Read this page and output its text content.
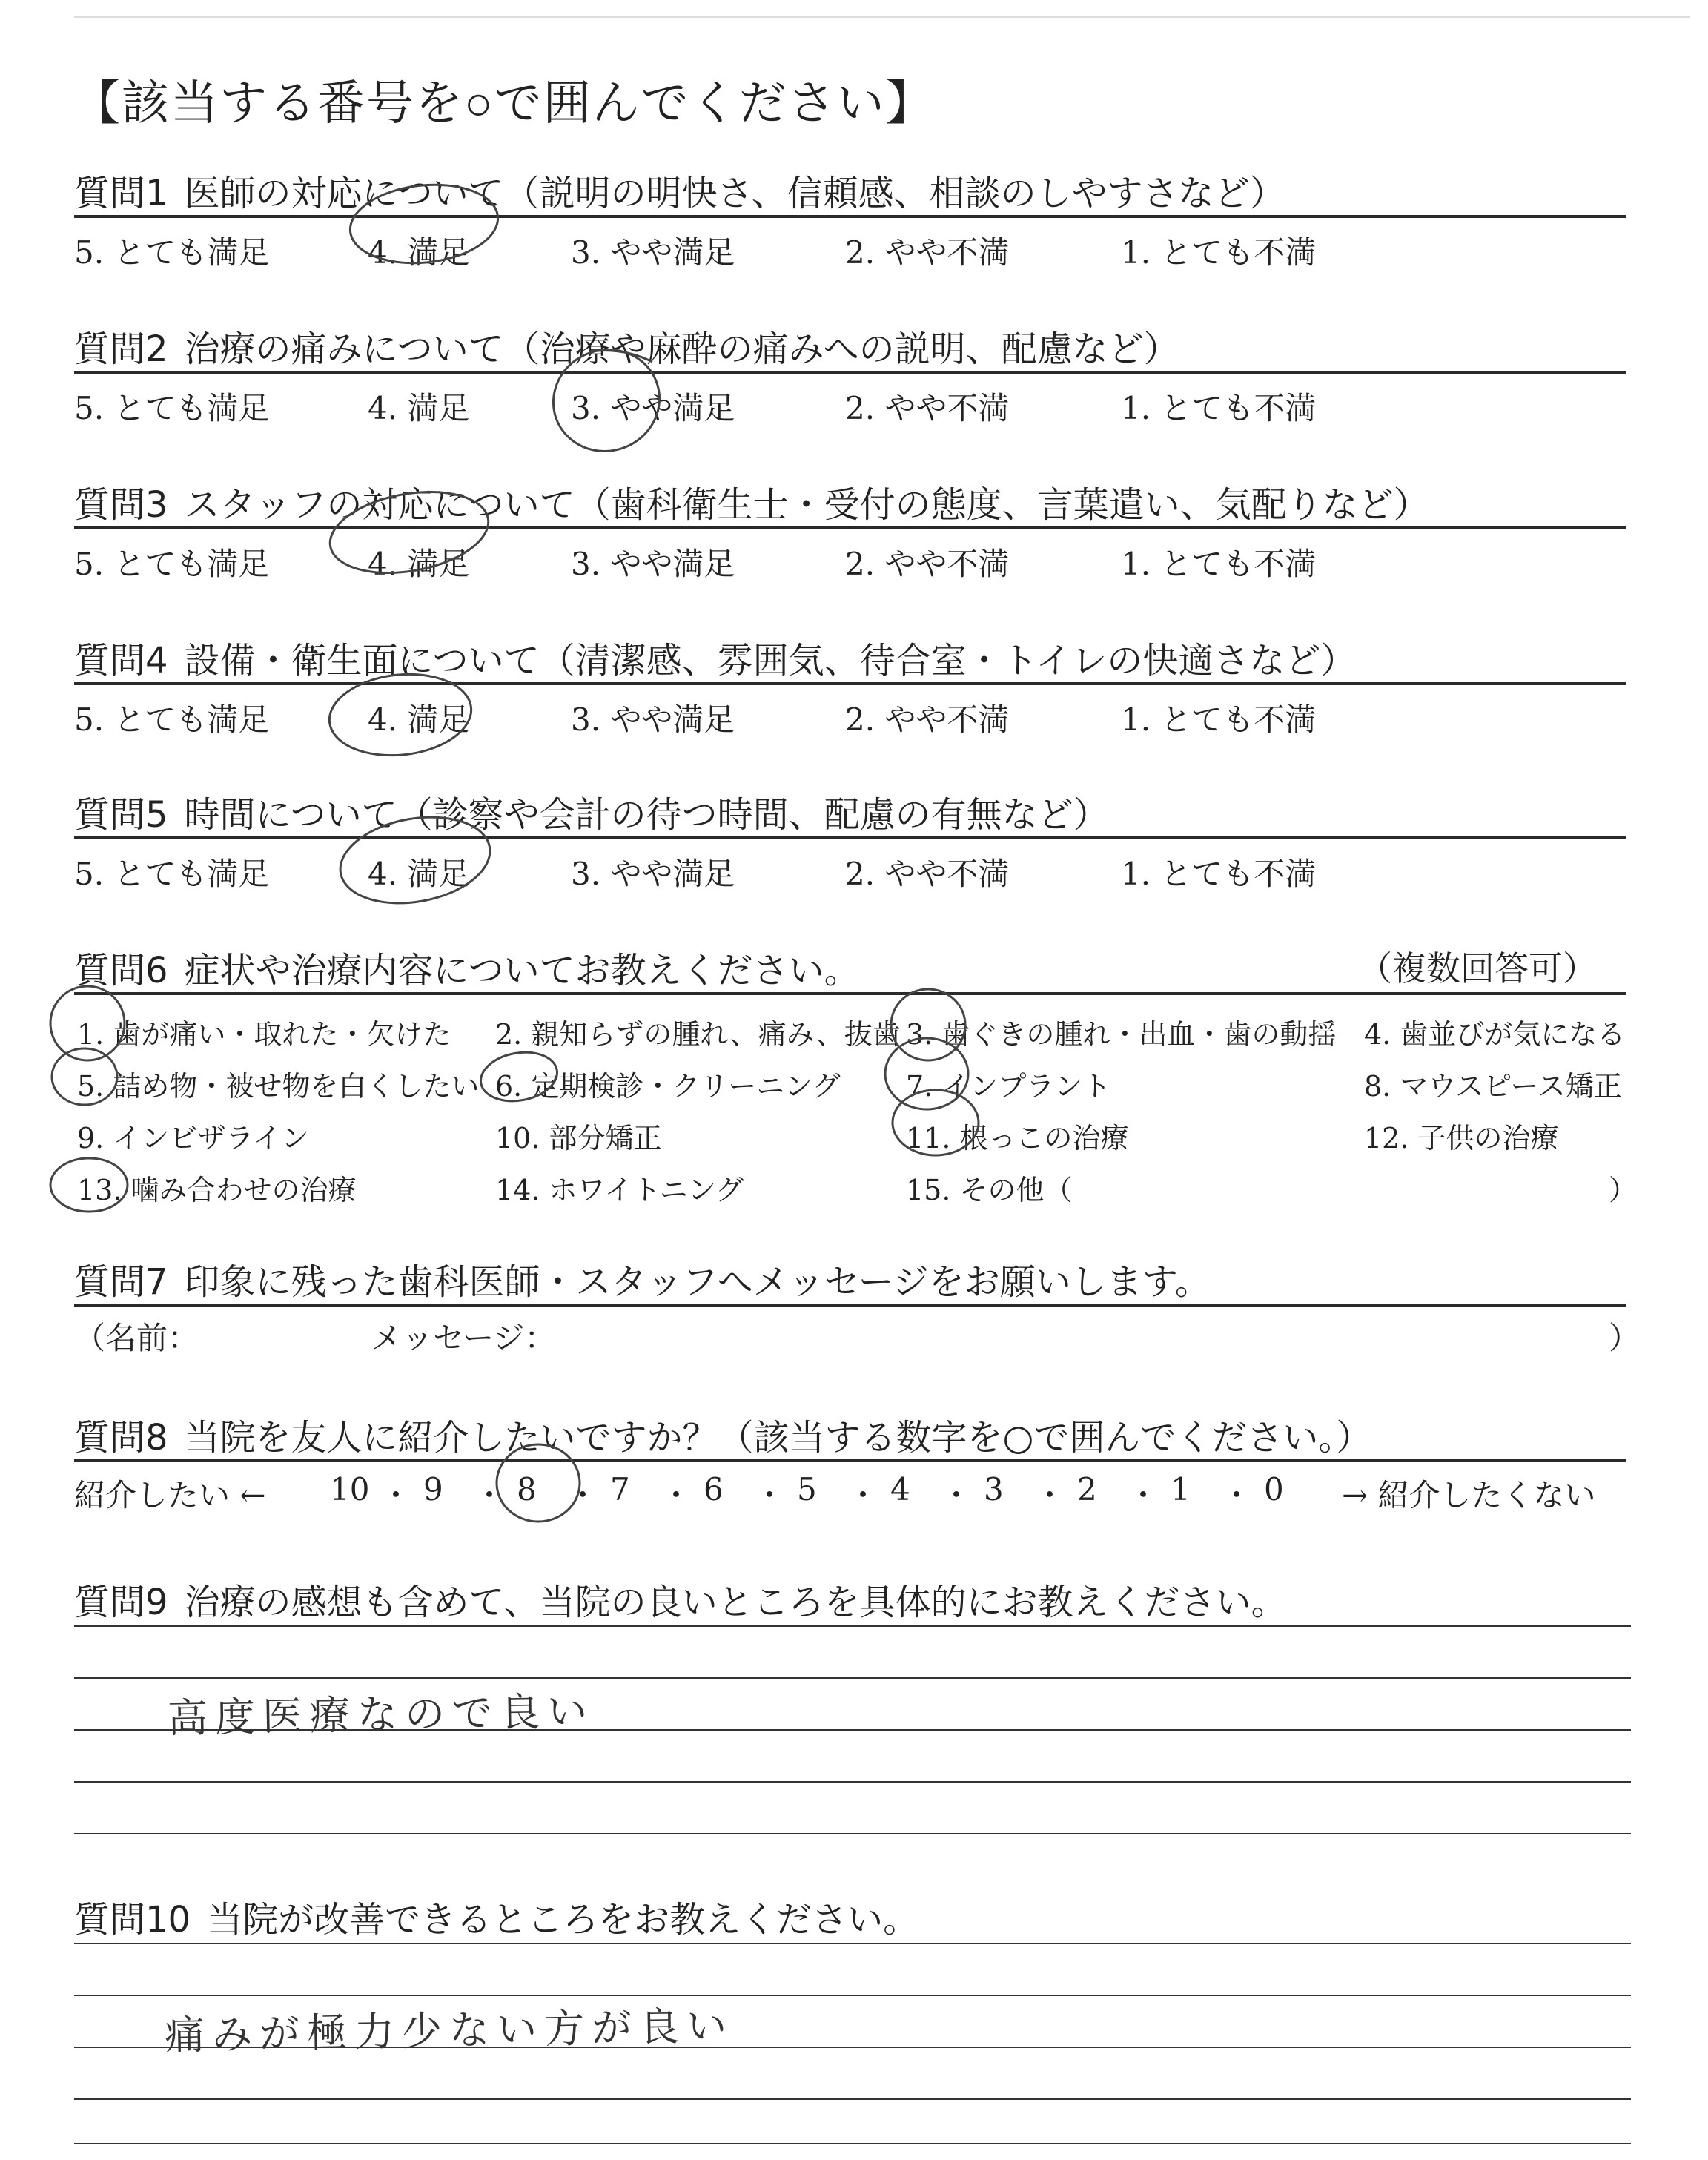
【該当する番号を○で囲んでください】
質問1 医師の対応について（説明の明快さ、信頼感、相談のしやすさなど）
5. とても満足	4. 満足	3. やや満足	2. やや不満	1. とても不満
質問2 治療の痛みについて（治療や麻酔の痛みへの説明、配慮など）
5. とても満足	4. 満足	3. やや満足	2. やや不満	1. とても不満
質問3 スタッフの対応について（歯科衛生士・受付の態度、言葉遣い、気配りなど）
5. とても満足	4. 満足	3. やや満足	2. やや不満	1. とても不満
質問4 設備・衛生面について（清潔感、雰囲気、待合室・トイレの快適さなど）
5. とても満足	4. 満足	3. やや満足	2. やや不満	1. とても不満
質問5 時間について（診察や会計の待つ時間、配慮の有無など）
5. とても満足	4. 満足	3. やや満足	2. やや不満	1. とても不満
質問6 症状や治療内容についてお教えください。	（複数回答可）
1. 歯が痛い・取れた・欠けた 2. 親知らずの腫れ、痛み、抜歯 3. 歯ぐきの腫れ・出血・歯の動揺 4. 歯並びが気になる
5. 詰め物・被せ物を白くしたい 6. 定期検診・クリーニング 7. インプラント	8. マウスピース矯正
9. インビザライン	10. 部分矯正	11. 根っこの治療	12. 子供の治療
13. 噛み合わせの治療	14. ホワイトニング	15. その他（	）
質問7 印象に残った歯科医師・スタッフへメッセージをお願いします。
（名前：	メッセージ：	）
質問8 当院を友人に紹介したいですか？（該当する数字を○で囲んでください。）
紹介したい ←	→ 紹介したくない
10 ・ 9 ・ 8 ・ 7 ・ 6 ・ 5 ・ 4 ・ 3 ・ 2 ・ 1 ・ 0
質問9 治療の感想も含めて、当院の良いところを具体的にお教えください。
高度医療なので良い
質問10 当院が改善できるところをお教えください。
痛みが極力少ない方が良い
